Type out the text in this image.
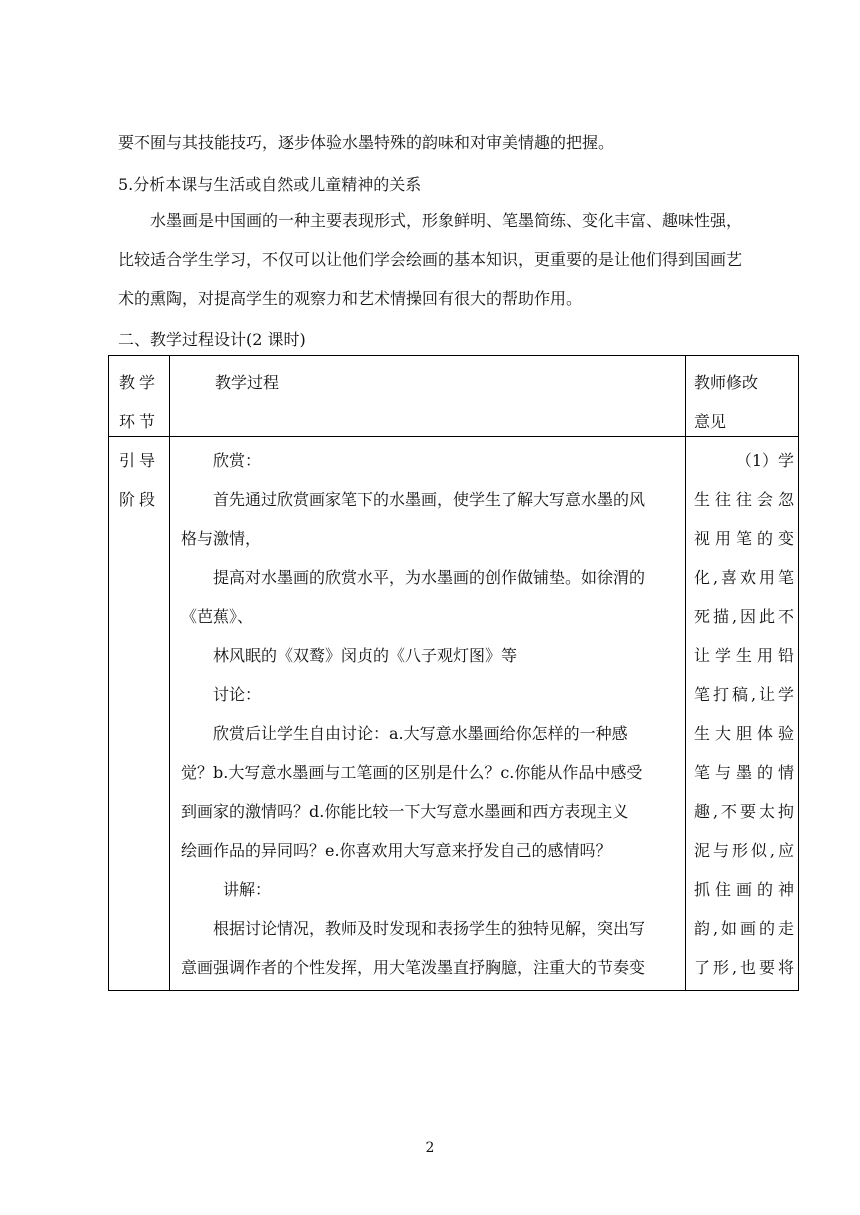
要不囿与其技能技巧，逐步体验水墨特殊的韵味和对审美情趣的把握。
5.分析本课与生活或自然或儿童精神的关系
水墨画是中国画的一种主要表现形式，形象鲜明、笔墨简练、变化丰富、趣味性强，
比较适合学生学习，不仅可以让他们学会绘画的基本知识，更重要的是让他们得到国画艺
术的熏陶，对提高学生的观察力和艺术情操回有很大的帮助作用。
二、教学过程设计(2 课时)
教学
环节
教学过程	教师修改
意见
引导
阶段
欣赏：
首先通过欣赏画家笔下的水墨画，使学生了解大写意水墨的风
格与激情，
提高对水墨画的欣赏水平，为水墨画的创作做铺垫。如徐渭的
《芭蕉》、
林风眠的《双鹜》闵贞的《八子观灯图》等
讨论：
欣赏后让学生自由讨论：a.大写意水墨画给你怎样的一种感
觉？b.大写意水墨画与工笔画的区别是什么？c.你能从作品中感受
到画家的激情吗？d.你能比较一下大写意水墨画和西方表现主义
绘画作品的异同吗？e.你喜欢用大写意来抒发自己的感情吗？
讲解：
根据讨论情况，教师及时发现和表扬学生的独特见解，突出写
意画强调作者的个性发挥，用大笔泼墨直抒胸臆，注重大的节奏变
（1）学
生往往会忽
视用笔的变
化,喜欢用笔
死描,因此不
让学生用铅
笔打稿,让学
生大胆体验
笔与墨的情
趣,不要太拘
泥与形似,应
抓住画的神
韵,如画的走
了形,也要将
2
